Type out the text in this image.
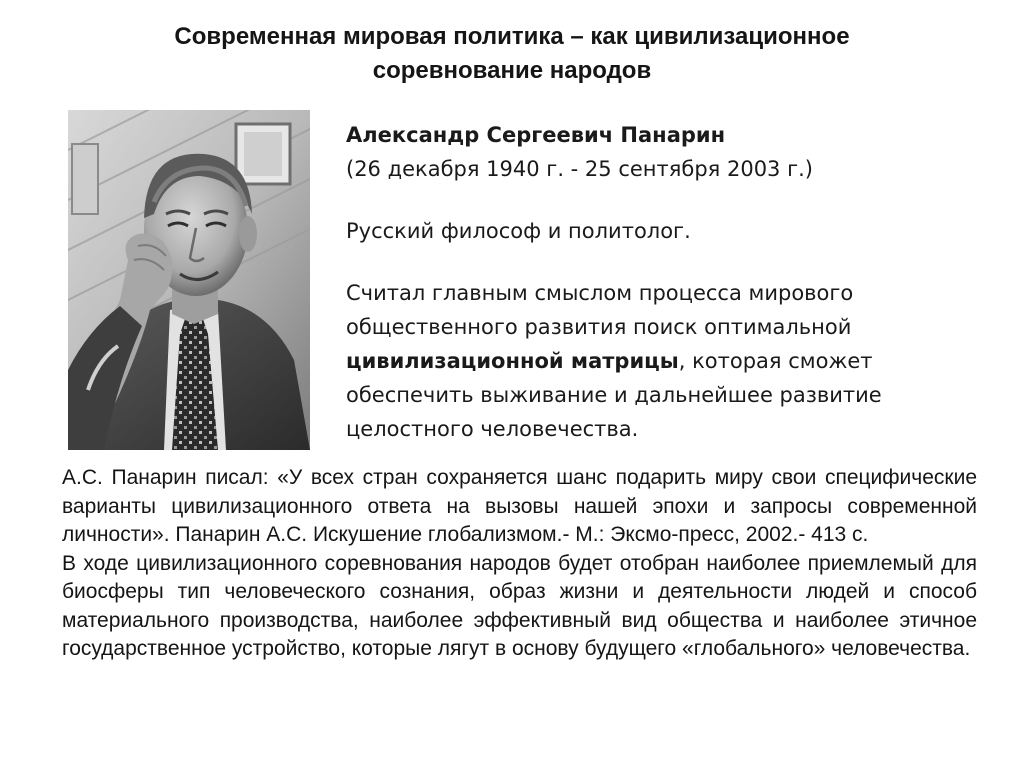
Современная мировая политика – как цивилизационное
соревнование народов
Александр Сергеевич Панарин
(26 декабря 1940 г. - 25 сентября 2003 г.)
Русский философ и политолог.
Считал главным смыслом процесса мирового общественного развития поиск оптимальной цивилизационной матрицы, которая сможет обеспечить выживание и дальнейшее развитие целостного человечества.

А.С. Панарин писал: «У всех стран сохраняется шанс подарить миру свои специфические варианты цивилизационного ответа на вызовы нашей эпохи и запросы современной личности». Панарин А.С. Искушение глобализмом.- М.: Эксмо-пресс, 2002.- 413 с.

В ходе цивилизационного соревнования народов будет отобран наиболее приемлемый для биосферы тип человеческого сознания, образ жизни и деятельности людей и способ материального производства, наиболее эффективный вид общества и наиболее этичное государственное устройство, которые лягут в основу будущего «глобального» человечества.
